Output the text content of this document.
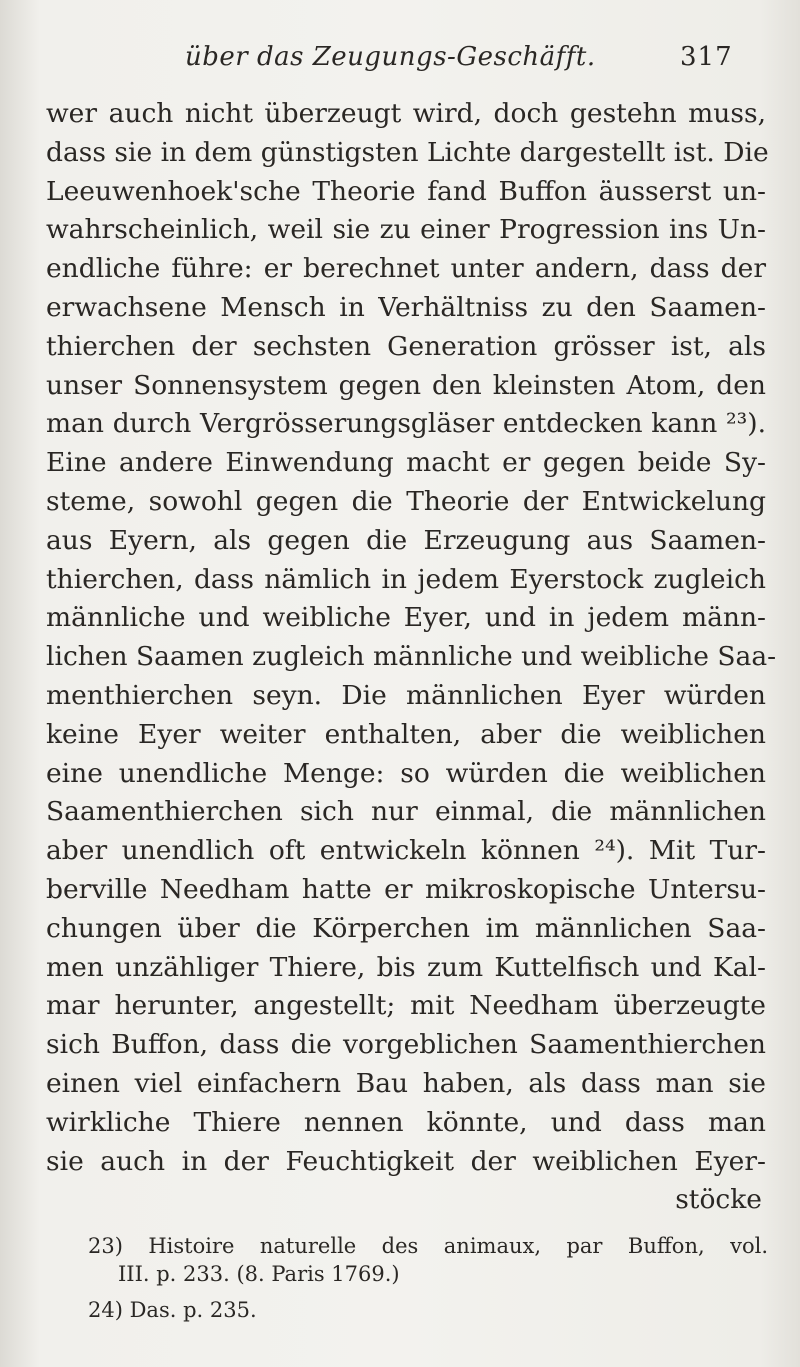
über das Zeugungs-Geschäfft.	317
wer auch nicht überzeugt wird, doch gestehn muss,
dass sie in dem günstigsten Lichte dargestellt ist. Die
Leeuwenhoek'sche Theorie fand Buffon äusserst un-
wahrscheinlich, weil sie zu einer Progression ins Un-
endliche führe: er berechnet unter andern, dass der
erwachsene Mensch in Verhältniss zu den Saamen-
thierchen der sechsten Generation grösser ist, als
unser Sonnensystem gegen den kleinsten Atom, den
man durch Vergrösserungsgläser entdecken kann ²³).
Eine andere Einwendung macht er gegen beide Sy-
steme, sowohl gegen die Theorie der Entwickelung
aus Eyern, als gegen die Erzeugung aus Saamen-
thierchen, dass nämlich in jedem Eyerstock zugleich
männliche und weibliche Eyer, und in jedem männ-
lichen Saamen zugleich männliche und weibliche Saa-
menthierchen seyn. Die männlichen Eyer würden
keine Eyer weiter enthalten, aber die weiblichen
eine unendliche Menge: so würden die weiblichen
Saamenthierchen sich nur einmal, die männlichen
aber unendlich oft entwickeln können ²⁴). Mit Tur-
berville Needham hatte er mikroskopische Untersu-
chungen über die Körperchen im männlichen Saa-
men unzähliger Thiere, bis zum Kuttelfisch und Kal-
mar herunter, angestellt; mit Needham überzeugte
sich Buffon, dass die vorgeblichen Saamenthierchen
einen viel einfachern Bau haben, als dass man sie
wirkliche Thiere nennen könnte, und dass man
sie auch in der Feuchtigkeit der weiblichen Eyer-
stöcke
23) Histoire naturelle des animaux, par Buffon, vol.
III. p. 233. (8. Paris 1769.)
24) Das. p. 235.
